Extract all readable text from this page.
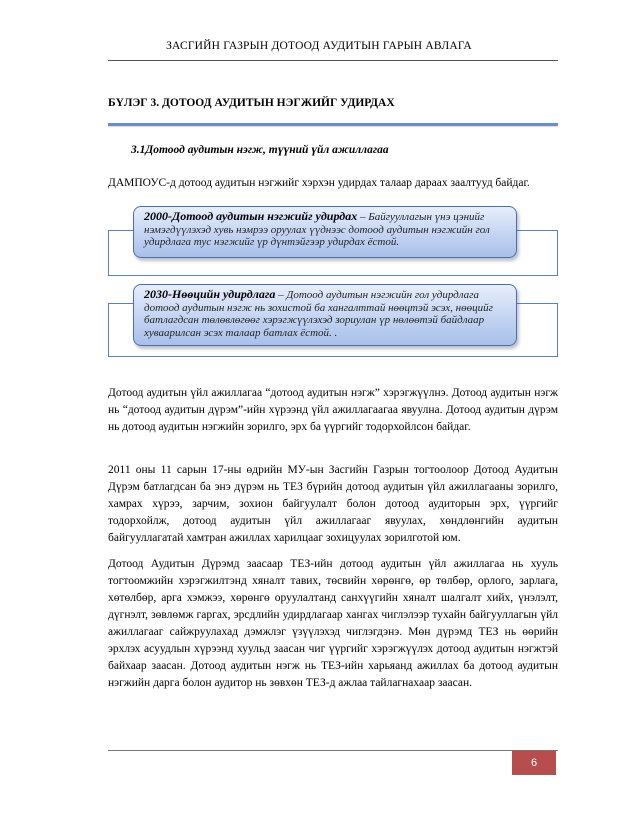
ЗАСГИЙН ГАЗРЫН ДОТООД АУДИТЫН ГАРЫН АВЛАГА
БҮЛЭГ 3. ДОТООД АУДИТЫН НЭГЖИЙГ УДИРДАХ
3.1Дотоод аудитын нэгж, түүний үйл ажиллагаа
ДАМПОУС-д дотоод аудитын нэгжийг хэрхэн удирдах талаар дараах заалтууд байдаг.
2000-Дотоод аудитын нэгжийг удирдах – Байгууллагын үнэ цэнийг нэмэгдүүлэхэд хувь нэмрээ оруулах үүднээс дотоод аудитын нэгжийн гол удирдлага тус нэгжийг үр дүнтэйгээр удирдах ёстой.
2030-Нөөцийн удирдлага – Дотоод аудитын нэгжийн гол удирдлага дотоод аудитын нэгж нь зохистой ба хангалттай нөөцтэй эсэх, нөөцийг батлагдсан төлөвлөгөөг хэрэгжүүлэхэд зориулан үр нөлөөтэй байдлаар хуваарилсан эсэх талаар батлах ёстой. .
Дотоод аудитын үйл ажиллагаа “дотоод аудитын нэгж” хэрэгжүүлнэ. Дотоод аудитын нэгж нь “дотоод аудитын дүрэм”-ийн хүрээнд үйл ажиллагаагаа явуулна. Дотоод аудитын дүрэм нь дотоод аудитын нэгжийн зорилго, эрх ба үүргийг тодорхойлсон байдаг.
2011 оны 11 сарын 17-ны өдрийн МУ-ын Засгийн Газрын тогтоолоор Дотоод Аудитын Дүрэм батлагдсан ба энэ дүрэм нь ТЕЗ бүрийн дотоод аудитын үйл ажиллагааны зорилго, хамрах хүрээ, зарчим, зохион байгуулалт болон дотоод аудиторын эрх, үүргийг тодорхойлж, дотоод аудитын үйл ажиллагааг явуулах, хөндлөнгийн аудитын байгууллагатай хамтран ажиллах харилцааг зохицуулах зорилготой юм.
Дотоод Аудитын Дүрэмд заасаар ТЕЗ-ийн дотоод аудитын үйл ажиллагаа нь хууль тогтоомжийн хэрэгжилтэнд хяналт тавих, төсвийн хөрөнгө, өр төлбөр, орлого, зарлага, хөтөлбөр, арга хэмжээ, хөрөнгө оруулалтанд санхүүгийн хяналт шалгалт хийх, үнэлэлт, дүгнэлт, зөвлөмж гаргах, эрсдлийн удирдлагаар хангах чиглэлээр тухайн байгууллагын үйл ажиллагааг сайжруулахад дэмжлэг үзүүлэхэд чиглэгдэнэ. Мөн дүрэмд ТЕЗ нь өөрийн эрхлэх асуудлын хүрээнд хуульд заасан чиг үүргийг хэрэгжүүлэх дотоод аудитын нэгжтэй байхаар заасан. Дотоод аудитын нэгж нь ТЕЗ-ийн харьяанд ажиллах ба дотоод аудитын нэгжийн дарга болон аудитор нь зөвхөн ТЕЗ-д ажлаа тайлагнахаар заасан.
6
